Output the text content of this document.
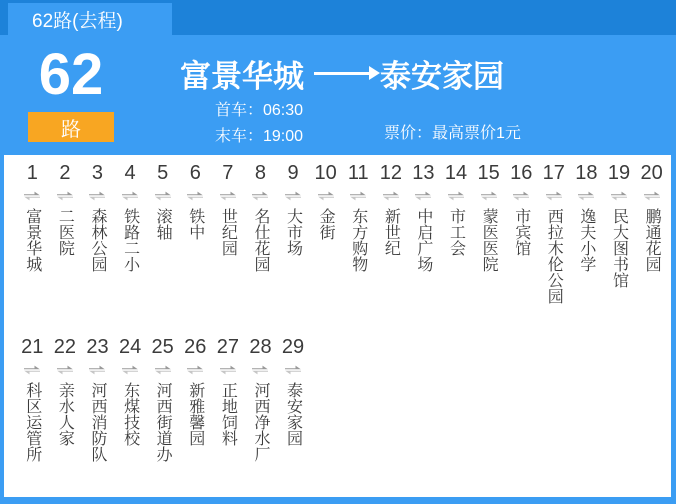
62路(去程)
62
路
富景华城 泰安家园
首车：06:30
末车：19:00	票价：最高票价1元
1
富景华城
2
二医院
3
森林公园
4
铁路二小
5
滚轴
6
铁中
7
世纪园
8
名仕花园
9
大市场
10
金街
11
东方购物
12
新世纪
13
中启广场
14
市工会
15
蒙医医院
16
市宾馆
17
西拉木伦公园
18
逸夫小学
19
民大图书馆
20
鹏通花园
21
科区运管所
22
亲水人家
23
河西消防队
24
东煤技校
25
河西街道办
26
新雅馨园
27
正地饲料
28
河西净水厂
29
泰安家园
